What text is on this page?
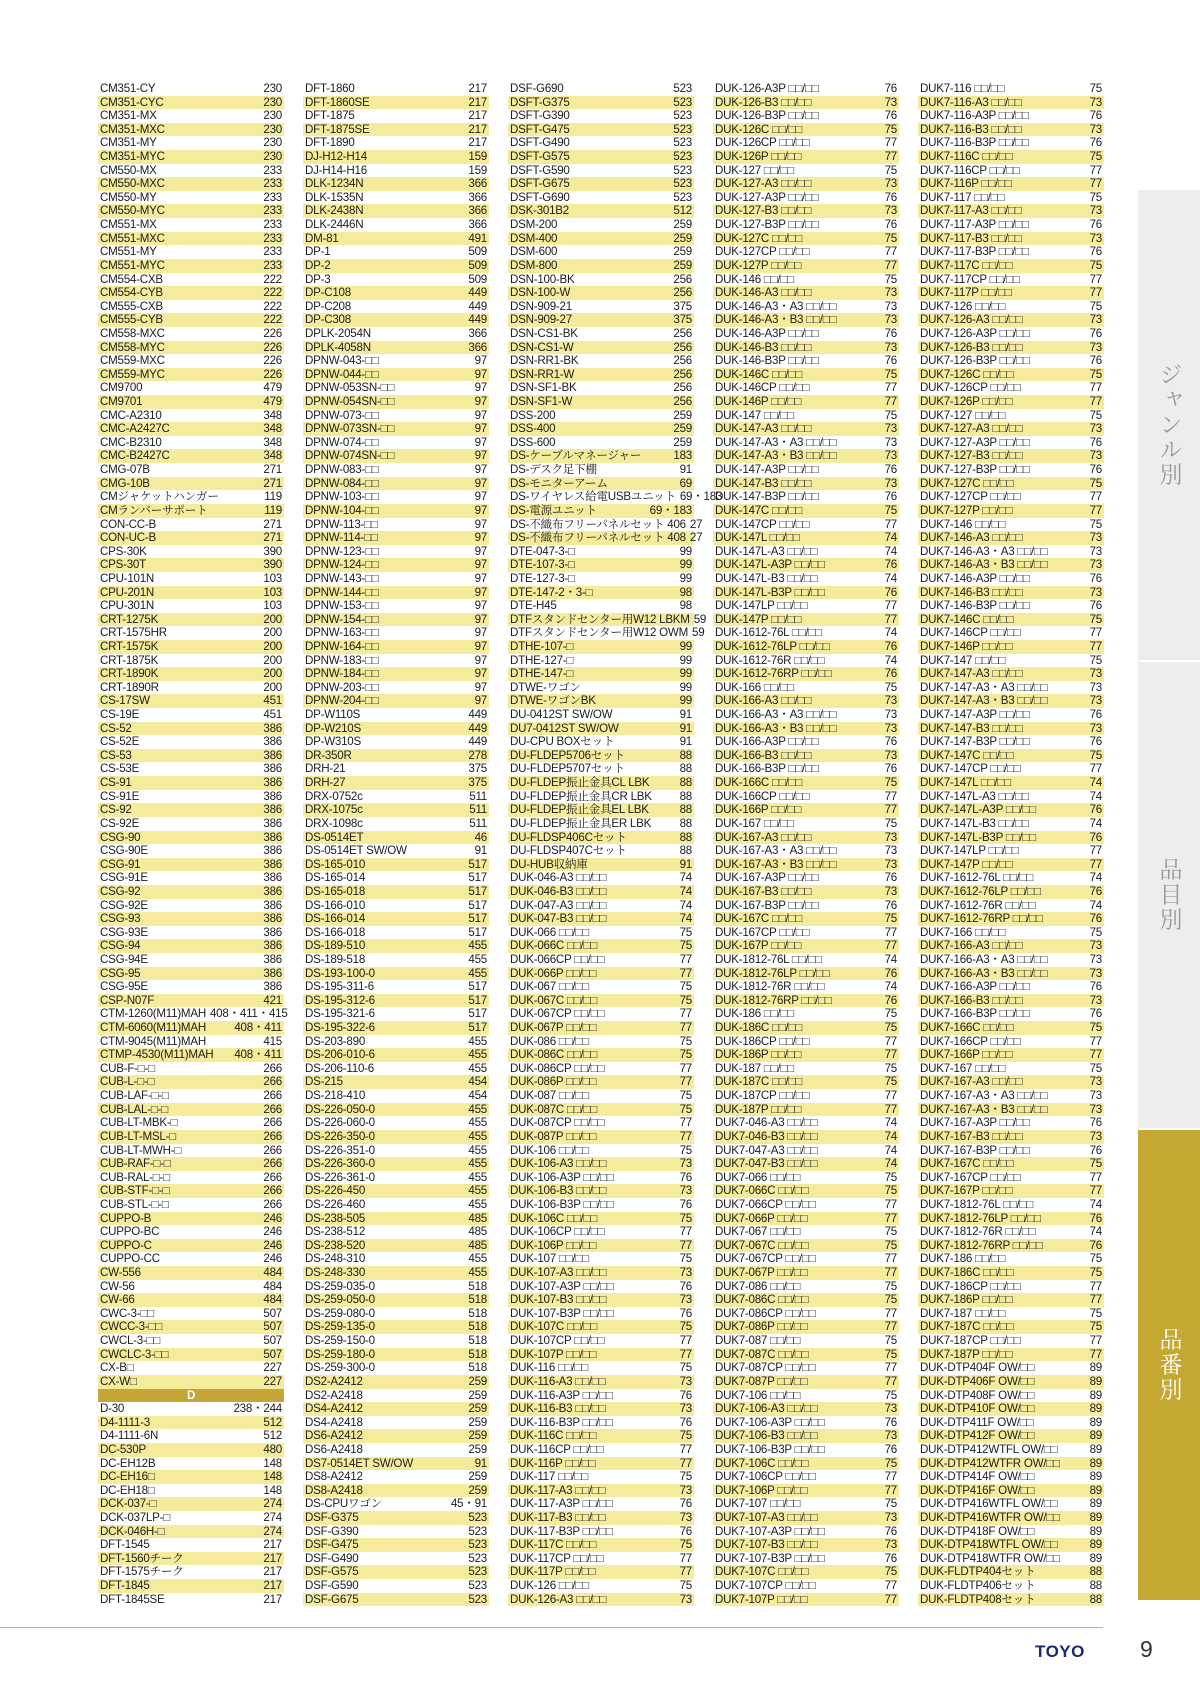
CM351-CY	230
CM351-CYC	230
CM351-MX	230
CM351-MXC	230
CM351-MY	230
CM351-MYC	230
CM550-MX	233
CM550-MXC	233
CM550-MY	233
CM550-MYC	233
CM551-MX	233
CM551-MXC	233
CM551-MY	233
CM551-MYC	233
CM554-CXB	222
CM554-CYB	222
CM555-CXB	222
CM555-CYB	222
CM558-MXC	226
CM558-MYC	226
CM559-MXC	226
CM559-MYC	226
CM9700	479
CM9701	479
CMC-A2310	348
CMC-A2427C	348
CMC-B2310	348
CMC-B2427C	348
CMG-07B	271
CMG-10B	271
CMジャケットハンガー	119
CMランバーサポート	119
CON-CC-B	271
CON-UC-B	271
CPS-30K	390
CPS-30T	390
CPU-101N	103
CPU-201N	103
CPU-301N	103
CRT-1275K	200
CRT-1575HR	200
CRT-1575K	200
CRT-1875K	200
CRT-1890K	200
CRT-1890R	200
CS-17SW	451
CS-19E	451
CS-52	386
CS-52E	386
CS-53	386
CS-53E	386
CS-91	386
CS-91E	386
CS-92	386
CS-92E	386
CSG-90	386
CSG-90E	386
CSG-91	386
CSG-91E	386
CSG-92	386
CSG-92E	386
CSG-93	386
CSG-93E	386
CSG-94	386
CSG-94E	386
CSG-95	386
CSG-95E	386
CSP-N07F	421
CTM-1260(M11)MAH 408・411・415
CTM-6060(M11)MAH	408・411
CTM-9045(M11)MAH	415
CTMP-4530(M11)MAH	408・411
CUB-F-□-□	266
CUB-L-□-□	266
CUB-LAF-□-□	266
CUB-LAL-□-□	266
CUB-LT-MBK-□	266
CUB-LT-MSL-□	266
CUB-LT-MWH-□	266
CUB-RAF-□-□	266
CUB-RAL-□-□	266
CUB-STF-□-□	266
CUB-STL-□-□	266
CUPPO-B	246
CUPPO-BC	246
CUPPO-C	246
CUPPO-CC	246
CW-556	484
CW-56	484
CW-66	484
CWC-3-□□	507
CWCC-3-□□	507
CWCL-3-□□	507
CWCLC-3-□□	507
CX-B□	227
CX-W□	227
D
D-30	238・244
D4-1111-3	512
D4-1111-6N	512
DC-530P	480
DC-EH12B	148
DC-EH16□	148
DC-EH18□	148
DCK-037-□	274
DCK-037LP-□	274
DCK-046H-□	274
DFT-1545	217
DFT-1560チーク	217
DFT-1575チーク	217
DFT-1845	217
DFT-1845SE	217
DFT-1860	217
DFT-1860SE	217
DFT-1875	217
DFT-1875SE	217
DFT-1890	217
DJ-H12-H14	159
DJ-H14-H16	159
DLK-1234N	366
DLK-1535N	366
DLK-2438N	366
DLK-2446N	366
DM-81	491
DP-1	509
DP-2	509
DP-3	509
DP-C108	449
DP-C208	449
DP-C308	449
DPLK-2054N	366
DPLK-4058N	366
DPNW-043-□□	97
DPNW-044-□□	97
DPNW-053SN-□□	97
DPNW-054SN-□□	97
DPNW-073-□□	97
DPNW-073SN-□□	97
DPNW-074-□□	97
DPNW-074SN-□□	97
DPNW-083-□□	97
DPNW-084-□□	97
DPNW-103-□□	97
DPNW-104-□□	97
DPNW-113-□□	97
DPNW-114-□□	97
DPNW-123-□□	97
DPNW-124-□□	97
DPNW-143-□□	97
DPNW-144-□□	97
DPNW-153-□□	97
DPNW-154-□□	97
DPNW-163-□□	97
DPNW-164-□□	97
DPNW-183-□□	97
DPNW-184-□□	97
DPNW-203-□□	97
DPNW-204-□□	97
DP-W110S	449
DP-W210S	449
DP-W310S	449
DR-350R	278
DRH-21	375
DRH-27	375
DRX-0752c	511
DRX-1075c	511
DRX-1098c	511
DS-0514ET	46
DS-0514ET SW/OW	91
DS-165-010	517
DS-165-014	517
DS-165-018	517
DS-166-010	517
DS-166-014	517
DS-166-018	517
DS-189-510	455
DS-189-518	455
DS-193-100-0	455
DS-195-311-6	517
DS-195-312-6	517
DS-195-321-6	517
DS-195-322-6	517
DS-203-890	455
DS-206-010-6	455
DS-206-110-6	455
DS-215	454
DS-218-410	454
DS-226-050-0	455
DS-226-060-0	455
DS-226-350-0	455
DS-226-351-0	455
DS-226-360-0	455
DS-226-361-0	455
DS-226-450	455
DS-226-460	455
DS-238-505	485
DS-238-512	485
DS-238-520	485
DS-248-310	455
DS-248-330	455
DS-259-035-0	518
DS-259-050-0	518
DS-259-080-0	518
DS-259-135-0	518
DS-259-150-0	518
DS-259-180-0	518
DS-259-300-0	518
DS2-A2412	259
DS2-A2418	259
DS4-A2412	259
DS4-A2418	259
DS6-A2412	259
DS6-A2418	259
DS7-0514ET SW/OW	91
DS8-A2412	259
DS8-A2418	259
DS-CPUワゴン	45・91
DSF-G375	523
DSF-G390	523
DSF-G475	523
DSF-G490	523
DSF-G575	523
DSF-G590	523
DSF-G675	523
DSF-G690	523
DSFT-G375	523
DSFT-G390	523
DSFT-G475	523
DSFT-G490	523
DSFT-G575	523
DSFT-G590	523
DSFT-G675	523
DSFT-G690	523
DSK-301B2	512
DSM-200	259
DSM-400	259
DSM-600	259
DSM-800	259
DSN-100-BK	256
DSN-100-W	256
DSN-909-21	375
DSN-909-27	375
DSN-CS1-BK	256
DSN-CS1-W	256
DSN-RR1-BK	256
DSN-RR1-W	256
DSN-SF1-BK	256
DSN-SF1-W	256
DSS-200	259
DSS-400	259
DSS-600	259
DS-ケーブルマネージャー	183
DS-デスク足下棚	91
DS-モニターアーム	69
DS-ワイヤレス給電USBユニット 69・183
DS-電源ユニット	69・183
DS-不織布フリーパネルセット 406 27
DS-不織布フリーパネルセット 408 27
DTE-047-3-□	99
DTE-107-3-□	99
DTE-127-3-□	99
DTE-147-2・3-□	98
DTE-H45	98
DTFスタンドセンター用W12 LBKM 59
DTFスタンドセンター用W12 OWM 59
DTHE-107-□	99
DTHE-127-□	99
DTHE-147-□	99
DTWE-ワゴン	99
DTWE-ワゴンBK	99
DU-0412ST SW/OW	91
DU7-0412ST SW/OW	91
DU-CPU BOXセット	91
DU-FLDEP5706セット	88
DU-FLDEP5707セット	88
DU-FLDEP振止金具CL LBK	88
DU-FLDEP振止金具CR LBK	88
DU-FLDEP振止金具EL LBK	88
DU-FLDEP振止金具ER LBK	88
DU-FLDSP406Cセット	88
DU-FLDSP407Cセット	88
DU-HUB収納庫	91
DUK-046-A3 □□/□□	74
DUK-046-B3 □□/□□	74
DUK-047-A3 □□/□□	74
DUK-047-B3 □□/□□	74
DUK-066 □□/□□	75
DUK-066C □□/□□	75
DUK-066CP □□/□□	77
DUK-066P □□/□□	77
DUK-067 □□/□□	75
DUK-067C □□/□□	75
DUK-067CP □□/□□	77
DUK-067P □□/□□	77
DUK-086 □□/□□	75
DUK-086C □□/□□	75
DUK-086CP □□/□□	77
DUK-086P □□/□□	77
DUK-087 □□/□□	75
DUK-087C □□/□□	75
DUK-087CP □□/□□	77
DUK-087P □□/□□	77
DUK-106 □□/□□	75
DUK-106-A3 □□/□□	73
DUK-106-A3P □□/□□	76
DUK-106-B3 □□/□□	73
DUK-106-B3P □□/□□	76
DUK-106C □□/□□	75
DUK-106CP □□/□□	77
DUK-106P □□/□□	77
DUK-107 □□/□□	75
DUK-107-A3 □□/□□	73
DUK-107-A3P □□/□□	76
DUK-107-B3 □□/□□	73
DUK-107-B3P □□/□□	76
DUK-107C □□/□□	75
DUK-107CP □□/□□	77
DUK-107P □□/□□	77
DUK-116 □□/□□	75
DUK-116-A3 □□/□□	73
DUK-116-A3P □□/□□	76
DUK-116-B3 □□/□□	73
DUK-116-B3P □□/□□	76
DUK-116C □□/□□	75
DUK-116CP □□/□□	77
DUK-116P □□/□□	77
DUK-117 □□/□□	75
DUK-117-A3 □□/□□	73
DUK-117-A3P □□/□□	76
DUK-117-B3 □□/□□	73
DUK-117-B3P □□/□□	76
DUK-117C □□/□□	75
DUK-117CP □□/□□	77
DUK-117P □□/□□	77
DUK-126 □□/□□	75
DUK-126-A3 □□/□□	73
DUK-126-A3P □□/□□	76
DUK-126-B3 □□/□□	73
DUK-126-B3P □□/□□	76
DUK-126C □□/□□	75
DUK-126CP □□/□□	77
DUK-126P □□/□□	77
DUK-127 □□/□□	75
DUK-127-A3 □□/□□	73
DUK-127-A3P □□/□□	76
DUK-127-B3 □□/□□	73
DUK-127-B3P □□/□□	76
DUK-127C □□/□□	75
DUK-127CP □□/□□	77
DUK-127P □□/□□	77
DUK-146 □□/□□	75
DUK-146-A3 □□/□□	73
DUK-146-A3・A3 □□/□□	73
DUK-146-A3・B3 □□/□□	73
DUK-146-A3P □□/□□	76
DUK-146-B3 □□/□□	73
DUK-146-B3P □□/□□	76
DUK-146C □□/□□	75
DUK-146CP □□/□□	77
DUK-146P □□/□□	77
DUK-147 □□/□□	75
DUK-147-A3 □□/□□	73
DUK-147-A3・A3 □□/□□	73
DUK-147-A3・B3 □□/□□	73
DUK-147-A3P □□/□□	76
DUK-147-B3 □□/□□	73
DUK-147-B3P □□/□□	76
DUK-147C □□/□□	75
DUK-147CP □□/□□	77
DUK-147L □□/□□	74
DUK-147L-A3 □□/□□	74
DUK-147L-A3P □□/□□	76
DUK-147L-B3 □□/□□	74
DUK-147L-B3P □□/□□	76
DUK-147LP □□/□□	77
DUK-147P □□/□□	77
DUK-1612-76L □□/□□	74
DUK-1612-76LP □□/□□	76
DUK-1612-76R □□/□□	74
DUK-1612-76RP □□/□□	76
DUK-166 □□/□□	75
DUK-166-A3 □□/□□	73
DUK-166-A3・A3 □□/□□	73
DUK-166-A3・B3 □□/□□	73
DUK-166-A3P □□/□□	76
DUK-166-B3 □□/□□	73
DUK-166-B3P □□/□□	76
DUK-166C □□/□□	75
DUK-166CP □□/□□	77
DUK-166P □□/□□	77
DUK-167 □□/□□	75
DUK-167-A3 □□/□□	73
DUK-167-A3・A3 □□/□□	73
DUK-167-A3・B3 □□/□□	73
DUK-167-A3P □□/□□	76
DUK-167-B3 □□/□□	73
DUK-167-B3P □□/□□	76
DUK-167C □□/□□	75
DUK-167CP □□/□□	77
DUK-167P □□/□□	77
DUK-1812-76L □□/□□	74
DUK-1812-76LP □□/□□	76
DUK-1812-76R □□/□□	74
DUK-1812-76RP □□/□□	76
DUK-186 □□/□□	75
DUK-186C □□/□□	75
DUK-186CP □□/□□	77
DUK-186P □□/□□	77
DUK-187 □□/□□	75
DUK-187C □□/□□	75
DUK-187CP □□/□□	77
DUK-187P □□/□□	77
DUK7-046-A3 □□/□□	74
DUK7-046-B3 □□/□□	74
DUK7-047-A3 □□/□□	74
DUK7-047-B3 □□/□□	74
DUK7-066 □□/□□	75
DUK7-066C □□/□□	75
DUK7-066CP □□/□□	77
DUK7-066P □□/□□	77
DUK7-067 □□/□□	75
DUK7-067C □□/□□	75
DUK7-067CP □□/□□	77
DUK7-067P □□/□□	77
DUK7-086 □□/□□	75
DUK7-086C □□/□□	75
DUK7-086CP □□/□□	77
DUK7-086P □□/□□	77
DUK7-087 □□/□□	75
DUK7-087C □□/□□	75
DUK7-087CP □□/□□	77
DUK7-087P □□/□□	77
DUK7-106 □□/□□	75
DUK7-106-A3 □□/□□	73
DUK7-106-A3P □□/□□	76
DUK7-106-B3 □□/□□	73
DUK7-106-B3P □□/□□	76
DUK7-106C □□/□□	75
DUK7-106CP □□/□□	77
DUK7-106P □□/□□	77
DUK7-107 □□/□□	75
DUK7-107-A3 □□/□□	73
DUK7-107-A3P □□/□□	76
DUK7-107-B3 □□/□□	73
DUK7-107-B3P □□/□□	76
DUK7-107C □□/□□	75
DUK7-107CP □□/□□	77
DUK7-107P □□/□□	77
DUK7-116 □□/□□	75
DUK7-116-A3 □□/□□	73
DUK7-116-A3P □□/□□	76
DUK7-116-B3 □□/□□	73
DUK7-116-B3P □□/□□	76
DUK7-116C □□/□□	75
DUK7-116CP □□/□□	77
DUK7-116P □□/□□	77
DUK7-117 □□/□□	75
DUK7-117-A3 □□/□□	73
DUK7-117-A3P □□/□□	76
DUK7-117-B3 □□/□□	73
DUK7-117-B3P □□/□□	76
DUK7-117C □□/□□	75
DUK7-117CP □□/□□	77
DUK7-117P □□/□□	77
DUK7-126 □□/□□	75
DUK7-126-A3 □□/□□	73
DUK7-126-A3P □□/□□	76
DUK7-126-B3 □□/□□	73
DUK7-126-B3P □□/□□	76
DUK7-126C □□/□□	75
DUK7-126CP □□/□□	77
DUK7-126P □□/□□	77
DUK7-127 □□/□□	75
DUK7-127-A3 □□/□□	73
DUK7-127-A3P □□/□□	76
DUK7-127-B3 □□/□□	73
DUK7-127-B3P □□/□□	76
DUK7-127C □□/□□	75
DUK7-127CP □□/□□	77
DUK7-127P □□/□□	77
DUK7-146 □□/□□	75
DUK7-146-A3 □□/□□	73
DUK7-146-A3・A3 □□/□□	73
DUK7-146-A3・B3 □□/□□	73
DUK7-146-A3P □□/□□	76
DUK7-146-B3 □□/□□	73
DUK7-146-B3P □□/□□	76
DUK7-146C □□/□□	75
DUK7-146CP □□/□□	77
DUK7-146P □□/□□	77
DUK7-147 □□/□□	75
DUK7-147-A3 □□/□□	73
DUK7-147-A3・A3 □□/□□	73
DUK7-147-A3・B3 □□/□□	73
DUK7-147-A3P □□/□□	76
DUK7-147-B3 □□/□□	73
DUK7-147-B3P □□/□□	76
DUK7-147C □□/□□	75
DUK7-147CP □□/□□	77
DUK7-147L □□/□□	74
DUK7-147L-A3 □□/□□	74
DUK7-147L-A3P □□/□□	76
DUK7-147L-B3 □□/□□	74
DUK7-147L-B3P □□/□□	76
DUK7-147LP □□/□□	77
DUK7-147P □□/□□	77
DUK7-1612-76L □□/□□	74
DUK7-1612-76LP □□/□□	76
DUK7-1612-76R □□/□□	74
DUK7-1612-76RP □□/□□	76
DUK7-166 □□/□□	75
DUK7-166-A3 □□/□□	73
DUK7-166-A3・A3 □□/□□	73
DUK7-166-A3・B3 □□/□□	73
DUK7-166-A3P □□/□□	76
DUK7-166-B3 □□/□□	73
DUK7-166-B3P □□/□□	76
DUK7-166C □□/□□	75
DUK7-166CP □□/□□	77
DUK7-166P □□/□□	77
DUK7-167 □□/□□	75
DUK7-167-A3 □□/□□	73
DUK7-167-A3・A3 □□/□□	73
DUK7-167-A3・B3 □□/□□	73
DUK7-167-A3P □□/□□	76
DUK7-167-B3 □□/□□	73
DUK7-167-B3P □□/□□	76
DUK7-167C □□/□□	75
DUK7-167CP □□/□□	77
DUK7-167P □□/□□	77
DUK7-1812-76L □□/□□	74
DUK7-1812-76LP □□/□□	76
DUK7-1812-76R □□/□□	74
DUK7-1812-76RP □□/□□	76
DUK7-186 □□/□□	75
DUK7-186C □□/□□	75
DUK7-186CP □□/□□	77
DUK7-186P □□/□□	77
DUK7-187 □□/□□	75
DUK7-187C □□/□□	75
DUK7-187CP □□/□□	77
DUK7-187P □□/□□	77
DUK-DTP404F OW/□□	89
DUK-DTP406F OW/□□	89
DUK-DTP408F OW/□□	89
DUK-DTP410F OW/□□	89
DUK-DTP411F OW/□□	89
DUK-DTP412F OW/□□	89
DUK-DTP412WTFL OW/□□	89
DUK-DTP412WTFR OW/□□	89
DUK-DTP414F OW/□□	89
DUK-DTP416F OW/□□	89
DUK-DTP416WTFL OW/□□	89
DUK-DTP416WTFR OW/□□	89
DUK-DTP418F OW/□□	89
DUK-DTP418WTFL OW/□□	89
DUK-DTP418WTFR OW/□□	89
DUK-FLDTP404セット	88
DUK-FLDTP406セット	88
DUK-FLDTP408セット	88
ジャンル別
品目別
品番別
TOYO 9
